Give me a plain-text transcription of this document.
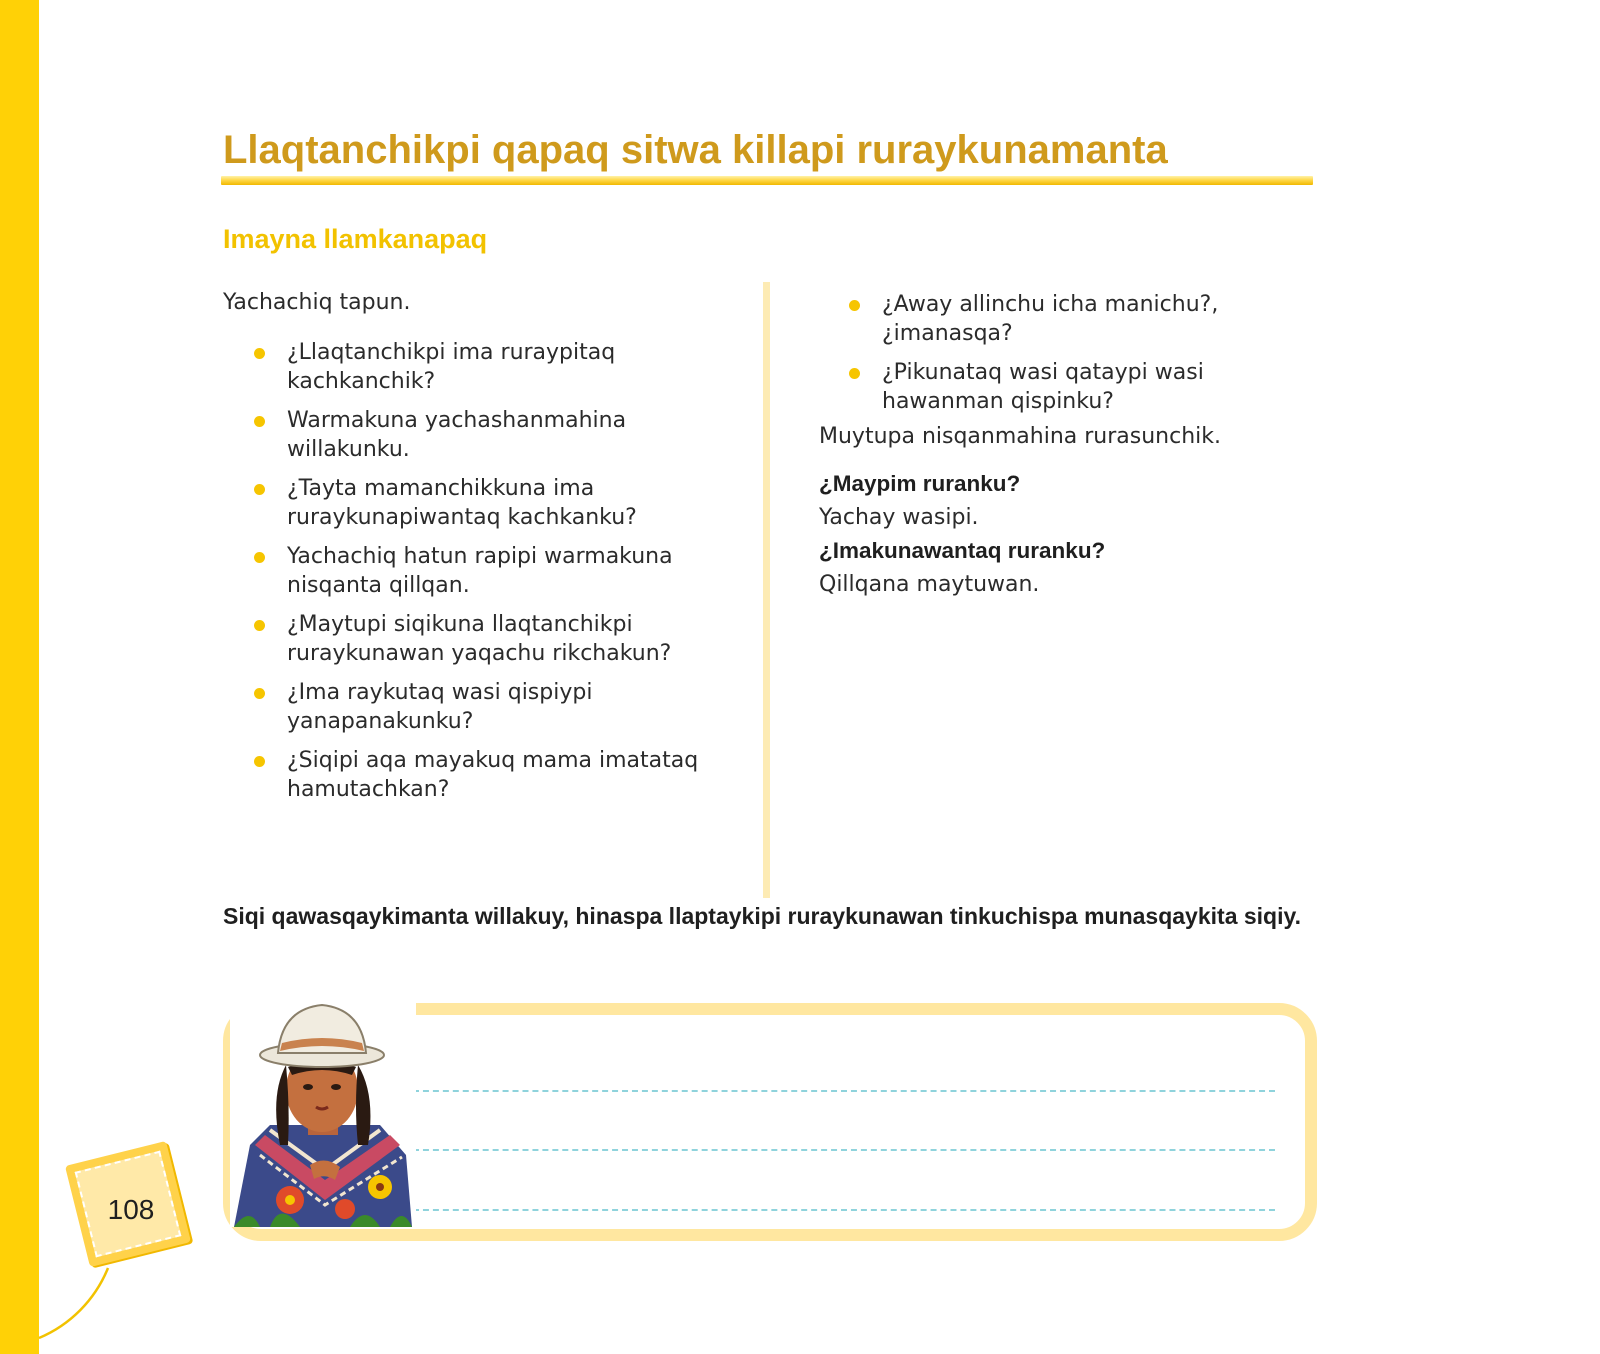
Llaqtanchikpi qapaq sitwa killapi ruraykunamanta
Imayna llamkanapaq
Yachachiq tapun.
¿Llaqtanchikpi ima ruraypitaq
kachkanchik?
Warmakuna yachashanmahina
willakunku.
¿Tayta mamanchikkuna ima
ruraykunapiwantaq kachkanku?
Yachachiq hatun rapipi warmakuna
nisqanta qillqan.
¿Maytupi siqikuna llaqtanchikpi
ruraykunawan yaqachu rikchakun?
¿Ima raykutaq wasi qispiypi
yanapanakunku?
¿Siqipi aqa mayakuq mama imatataq
hamutachkan?
¿Away allinchu icha manichu?,
¿imanasqa?
¿Pikunataq wasi qataypi wasi
hawanman qispinku?
Muytupa nisqanmahina rurasunchik.
¿Maypim ruranku?
Yachay wasipi.
¿Imakunawantaq ruranku?
Qillqana maytuwan.
Siqi qawasqaykimanta willakuy, hinaspa llaptaykipi ruraykunawan tinkuchispa munasqaykita siqiy.
108
